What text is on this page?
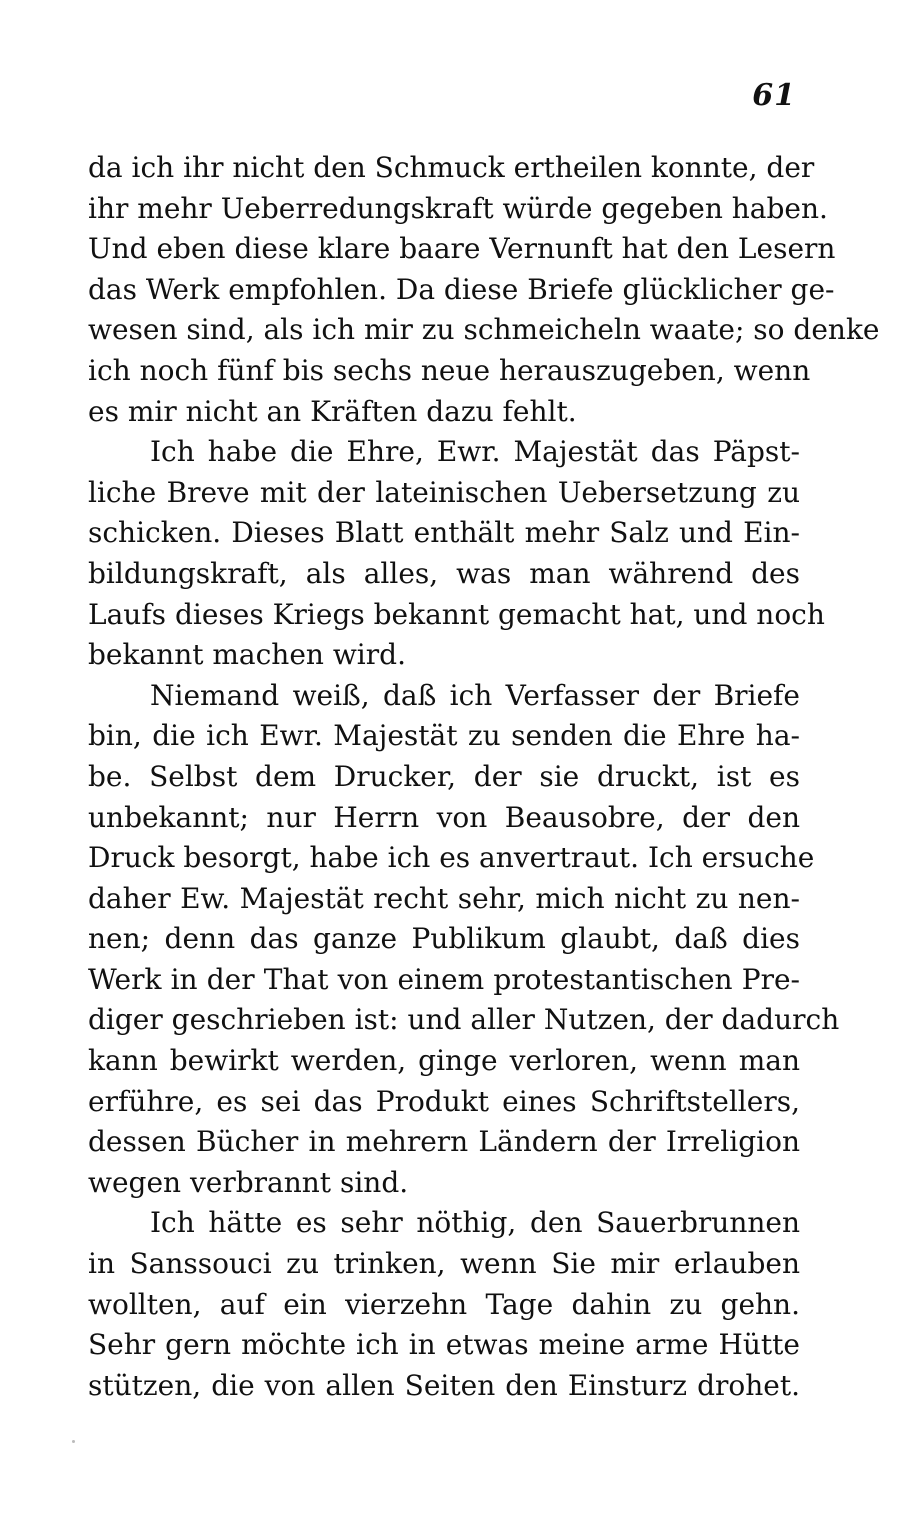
61
da ich ihr nicht den Schmuck ertheilen konnte, der
ihr mehr Ueberredungskraft würde gegeben haben.
Und eben diese klare baare Vernunft hat den Lesern
das Werk empfohlen. Da diese Briefe glücklicher ge-
wesen sind, als ich mir zu schmeicheln waate; so denke
ich noch fünf bis sechs neue herauszugeben, wenn
es mir nicht an Kräften dazu fehlt.
Ich habe die Ehre, Ewr. Majestät das Päpst-
liche Breve mit der lateinischen Uebersetzung zu
schicken. Dieses Blatt enthält mehr Salz und Ein-
bildungskraft, als alles, was man während des
Laufs dieses Kriegs bekannt gemacht hat, und noch
bekannt machen wird.
Niemand weiß, daß ich Verfasser der Briefe
bin, die ich Ewr. Majestät zu senden die Ehre ha-
be. Selbst dem Drucker, der sie druckt, ist es
unbekannt; nur Herrn von Beausobre, der den
Druck besorgt, habe ich es anvertraut. Ich ersuche
daher Ew. Majestät recht sehr, mich nicht zu nen-
nen; denn das ganze Publikum glaubt, daß dies
Werk in der That von einem protestantischen Pre-
diger geschrieben ist: und aller Nutzen, der dadurch
kann bewirkt werden, ginge verloren, wenn man
erführe, es sei das Produkt eines Schriftstellers,
dessen Bücher in mehrern Ländern der Irreligion
wegen verbrannt sind.
Ich hätte es sehr nöthig, den Sauerbrunnen
in Sanssouci zu trinken, wenn Sie mir erlauben
wollten, auf ein vierzehn Tage dahin zu gehn.
Sehr gern möchte ich in etwas meine arme Hütte
stützen, die von allen Seiten den Einsturz drohet.
